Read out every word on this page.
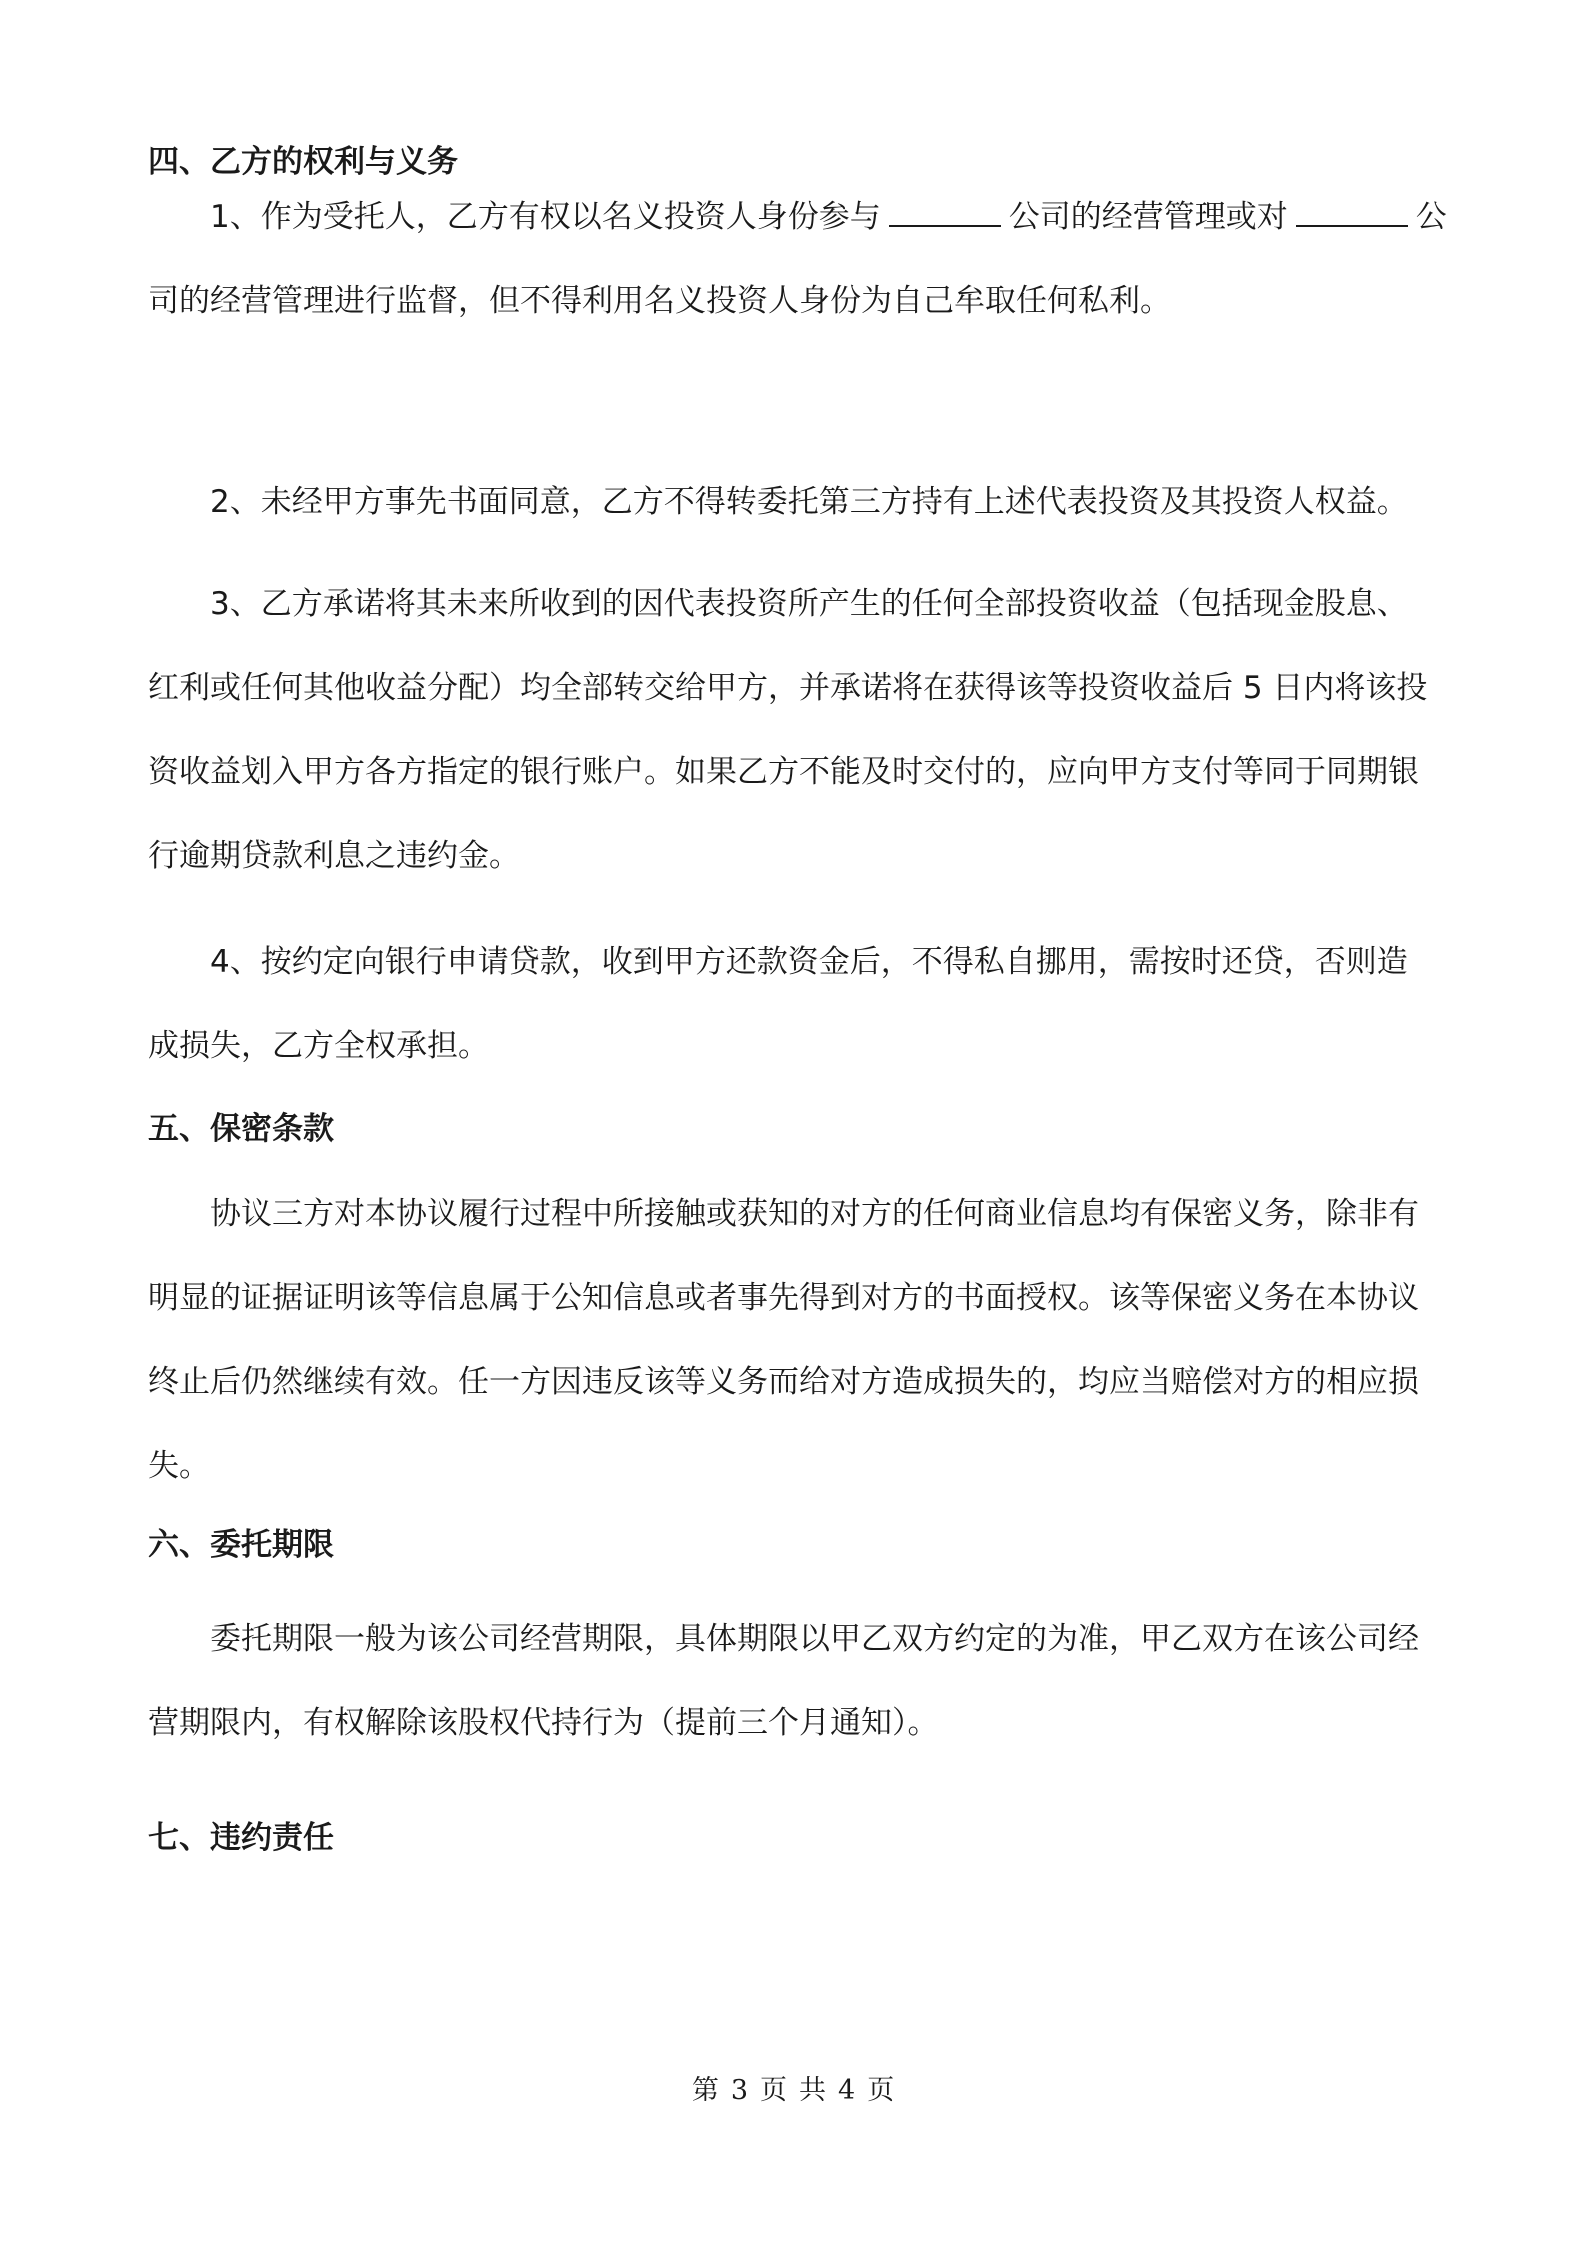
四、乙方的权利与义务
1、作为受托人，乙方有权以名义投资人身份参与	公司的经营管理或对	公
司的经营管理进行监督，但不得利用名义投资人身份为自己牟取任何私利。
2、未经甲方事先书面同意，乙方不得转委托第三方持有上述代表投资及其投资人权益。
3、乙方承诺将其未来所收到的因代表投资所产生的任何全部投资收益（包括现金股息、
红利或任何其他收益分配）均全部转交给甲方，并承诺将在获得该等投资收益后 5 日内将该投
资收益划入甲方各方指定的银行账户。如果乙方不能及时交付的，应向甲方支付等同于同期银
行逾期贷款利息之违约金。
4、按约定向银行申请贷款，收到甲方还款资金后，不得私自挪用，需按时还贷，否则造
成损失，乙方全权承担。
五、保密条款
协议三方对本协议履行过程中所接触或获知的对方的任何商业信息均有保密义务，除非有
明显的证据证明该等信息属于公知信息或者事先得到对方的书面授权。该等保密义务在本协议
终止后仍然继续有效。任一方因违反该等义务而给对方造成损失的，均应当赔偿对方的相应损
失。
六、委托期限
委托期限一般为该公司经营期限，具体期限以甲乙双方约定的为准，甲乙双方在该公司经
营期限内，有权解除该股权代持行为（提前三个月通知）。
七、违约责任
第 3 页 共 4 页
